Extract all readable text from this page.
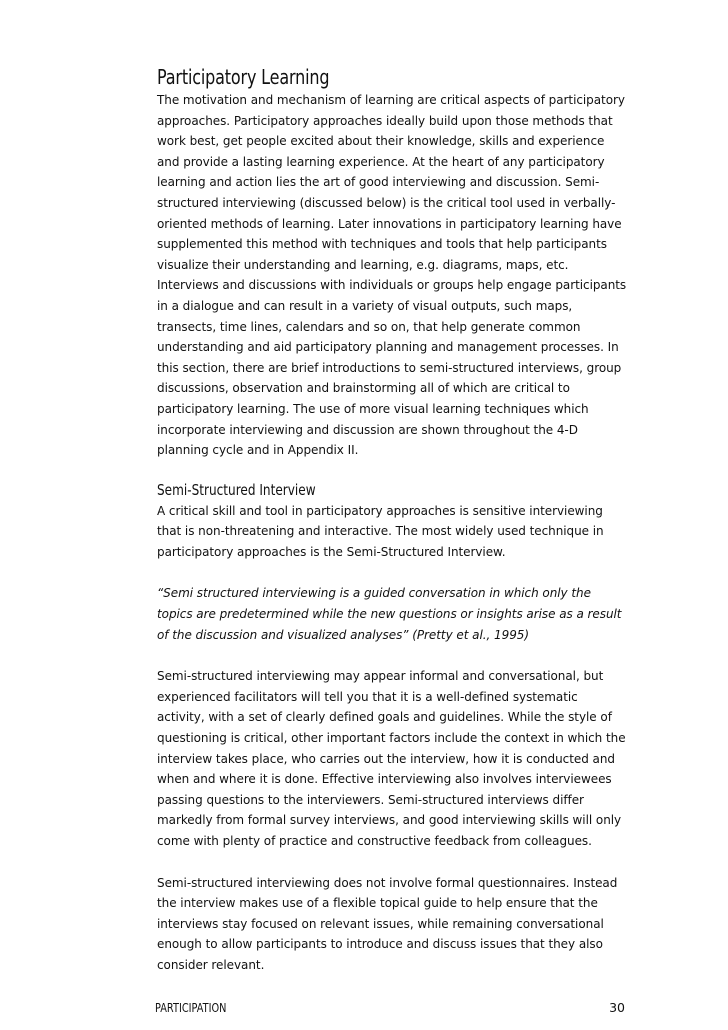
Participatory Learning

The motivation and mechanism of learning are critical aspects of participatory approaches. Participatory approaches ideally build upon those methods that work best, get people excited about their knowledge, skills and experience and provide a lasting learning experience. At the heart of any participatory learning and action lies the art of good interviewing and discussion. Semi-structured interviewing (discussed below) is the critical tool used in verbally-oriented methods of learning. Later innovations in participatory learning have supplemented this method with techniques and tools that help participants visualize their understanding and learning, e.g. diagrams, maps, etc. Interviews and discussions with individuals or groups help engage participants in a dialogue and can result in a variety of visual outputs, such maps, transects, time lines, calendars and so on, that help generate common understanding and aid participatory planning and management processes. In this section, there are brief introductions to semi-structured interviews, group discussions, observation and brainstorming all of which are critical to participatory learning. The use of more visual learning techniques which incorporate interviewing and discussion are shown throughout the 4-D planning cycle and in Appendix II.

Semi-Structured Interview

A critical skill and tool in participatory approaches is sensitive interviewing that is non-threatening and interactive. The most widely used technique in participatory approaches is the Semi-Structured Interview.

“Semi structured interviewing is a guided conversation in which only the topics are predetermined while the new questions or insights arise as a result of the discussion and visualized analyses” (Pretty et al., 1995)

Semi-structured interviewing may appear informal and conversational, but experienced facilitators will tell you that it is a well-defined systematic activity, with a set of clearly defined goals and guidelines. While the style of questioning is critical, other important factors include the context in which the interview takes place, who carries out the interview, how it is conducted and when and where it is done. Effective interviewing also involves interviewees passing questions to the interviewers. Semi-structured interviews differ markedly from formal survey interviews, and good interviewing skills will only come with plenty of practice and constructive feedback from colleagues.

Semi-structured interviewing does not involve formal questionnaires. Instead the interview makes use of a flexible topical guide to help ensure that the interviews stay focused on relevant issues, while remaining conversational enough to allow participants to introduce and discuss issues that they also consider relevant.

PARTICIPATION	30
